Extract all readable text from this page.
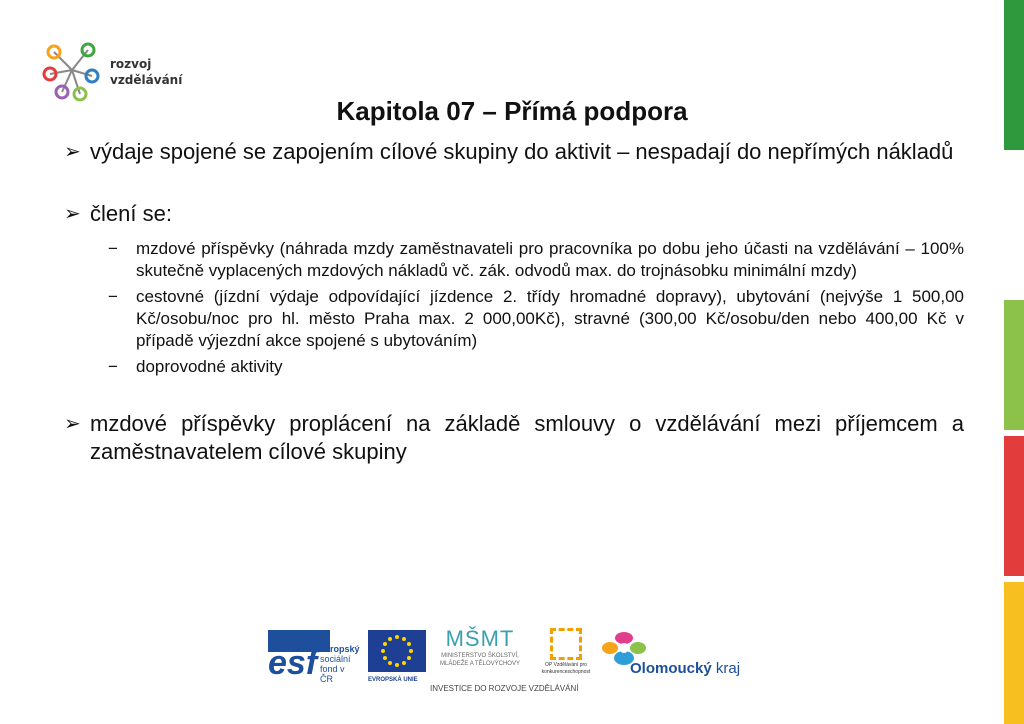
rozvoj
vzdělávání
Kapitola 07 – Přímá podpora
➢ výdaje spojené se zapojením cílové skupiny do aktivit – nespadají do nepřímých nákladů
➢ člení se:
−	mzdové příspěvky (náhrada mzdy zaměstnavateli pro pracovníka po dobu jeho účasti na vzdělávání – 100% skutečně vyplacených mzdových nákladů vč. zák. odvodů max. do trojnásobku minimální mzdy)
−	cestovné (jízdní výdaje odpovídající jízdence 2. třídy hromadné dopravy), ubytování (nejvýše 1 500,00 Kč/osobu/noc pro hl. město Praha max. 2 000,00Kč), stravné (300,00 Kč/osobu/den nebo 400,00 Kč v případě výjezdní akce spojené s ubytováním)
−	doprovodné aktivity
➢ mzdové příspěvky proplácení na základě smlouvy o vzdělávání mezi příjemcem a zaměstnavatelem cílové skupiny
esf evropský
sociální
fond v ČR	EVROPSKÁ UNIE
MŠMT
MINISTERSTVO ŠKOLSTVÍ, MLÁDEŽE A TĚLOVÝCHOVY	OP Vzdělávání pro konkurenceschopnost	Olomoucký kraj
INVESTICE DO ROZVOJE VZDĚLÁVÁNÍ
